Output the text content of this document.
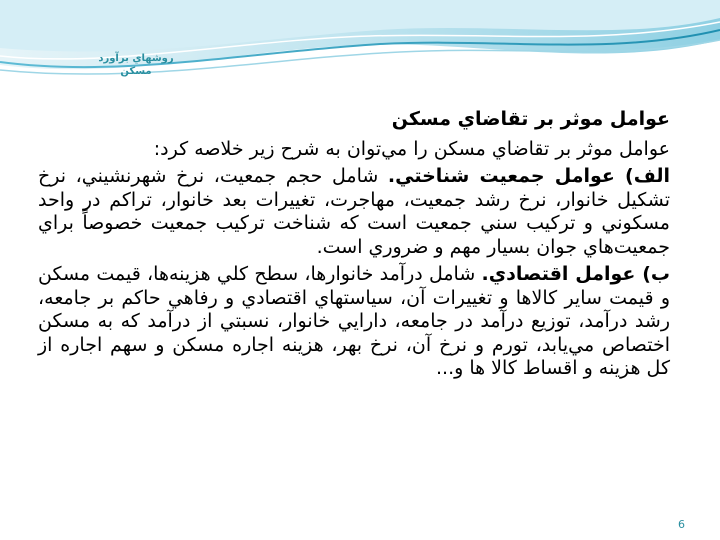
روشهاي برآورد
مسكن

عوامل موثر بر تقاضاي مسكن

عوامل موثر بر تقاضاي مسكن را مي‌توان به شرح زير خلاصه كرد:

الف) عوامل جمعيت شناختي. شامل حجم جمعيت، نرخ شهرنشيني، نرخ تشكيل خانوار، نرخ رشد جمعيت، مهاجرت، تغييرات بعد خانوار، تراكم در واحد مسكوني و تركيب سني جمعيت است كه شناخت تركيب جمعيت خصوصاً براي جمعيت‌هاي جوان بسيار مهم و ضروري است.

ب) عوامل اقتصادي. شامل درآمد خانوارها، سطح كلي هزينه‌ها، قيمت مسكن و قيمت ساير كالاها و تغييرات آن، سياستهاي اقتصادي و رفاهي حاكم بر جامعه، رشد درآمد، توزيع درآمد در جامعه، دارايي خانوار، نسبتي از درآمد كه به مسكن اختصاص مي‌يابد، تورم و نرخ آن، نرخ بهر، هزينه اجاره مسكن و سهم اجاره از كل هزينه و اقساط كالا ها و...

6
